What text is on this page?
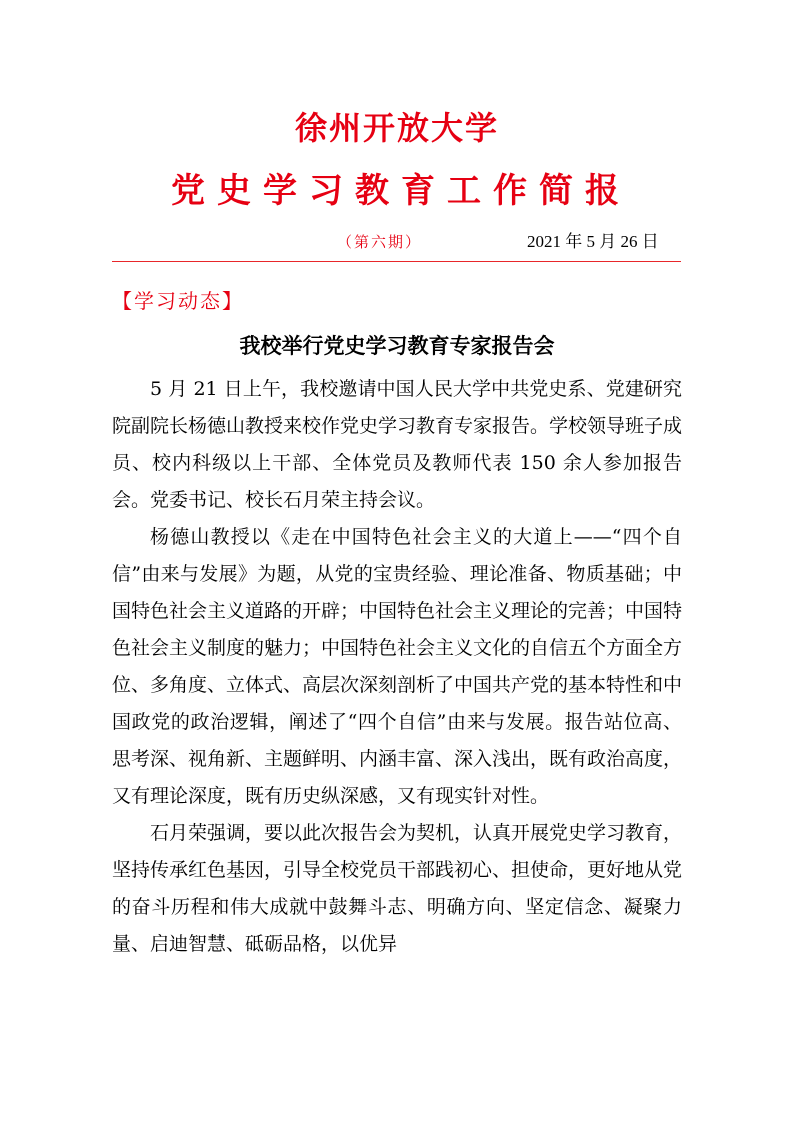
徐州开放大学
党史学习教育工作简报
（第六期）	2021 年 5 月 26 日
【学习动态】
我校举行党史学习教育专家报告会

5 月 21 日上午，我校邀请中国人民大学中共党史系、党建研究院副院长杨德山教授来校作党史学习教育专家报告。学校领导班子成员、校内科级以上干部、全体党员及教师代表 150 余人参加报告会。党委书记、校长石月荣主持会议。

杨德山教授以《走在中国特色社会主义的大道上——“四个自信”由来与发展》为题，从党的宝贵经验、理论准备、物质基础；中国特色社会主义道路的开辟；中国特色社会主义理论的完善；中国特色社会主义制度的魅力；中国特色社会主义文化的自信五个方面全方位、多角度、立体式、高层次深刻剖析了中国共产党的基本特性和中国政党的政治逻辑，阐述了“四个自信”由来与发展。报告站位高、思考深、视角新、主题鲜明、内涵丰富、深入浅出，既有政治高度，又有理论深度，既有历史纵深感，又有现实针对性。

石月荣强调，要以此次报告会为契机，认真开展党史学习教育，坚持传承红色基因，引导全校党员干部践初心、担使命，更好地从党的奋斗历程和伟大成就中鼓舞斗志、明确方向、坚定信念、凝聚力量、启迪智慧、砥砺品格，以优异
